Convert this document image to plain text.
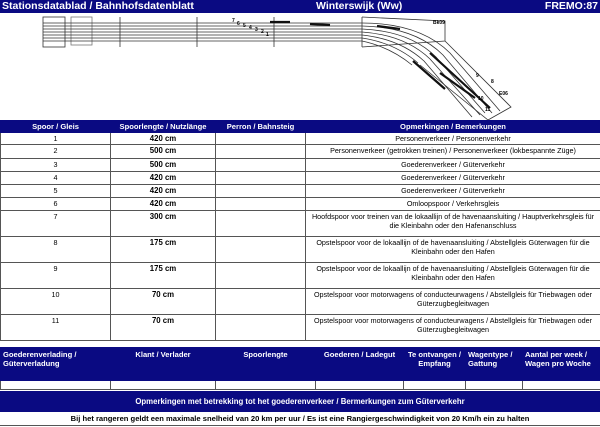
Stationsdatablad / Bahnhofsdatenblatt	Winterswijk (Ww)	FREMO:87
7 6 5 4 3 2 1
Bk09
9
8
Ε06
10
11
Spoor / Gleis	Spoorlengte / Nutzlänge	Perron / Bahnsteig	Opmerkingen / Bemerkungen
1	420 cm		Personenverkeer / Personenverkehr
2	500 cm		Personenverkeer (getrokken treinen) / Personenverkeer (lokbespannte Züge)
3	500 cm		Goederenverkeer / Güterverkehr
4	420 cm		Goederenverkeer / Güterverkehr
5	420 cm		Goederenverkeer / Güterverkehr
6	420 cm		Omloopspoor / Verkehrsgleis
7	300 cm		Hoofdspoor voor treinen van de lokaallijn of de havenaansluiting / Hauptverkehrsgleis für die Kleinbahn oder den Hafenanschluss
8	175 cm		Opstelspoor voor de lokaallijn of de havenaansluiting / Abstellgleis Güterwagen für die Kleinbahn oder den Hafen
9	175 cm		Opstelspoor voor de lokaallijn of de havenaansluiting / Abstellgleis Güterwagen für die Kleinbahn oder den Hafen
10	70 cm		Opstelspoor voor motorwagens of conducteurwagens / Abstellgleis für Triebwagen oder Güterzugbegleitwagen
11	70 cm		Opstelspoor voor motorwagens of conducteurwagens / Abstellgleis für Triebwagen oder Güterzugbegleitwagen
Goederenverlading / Güterverladung	Klant / Verlader	Spoorlengte	Goederen / Ladegut	Te ontvangen / Empfang	Wagentype / Gattung	Aantal per week / Wagen pro Woche

Opmerkingen met betrekking tot het goederenverkeer / Bermerkungen zum Güterverkehr
Bij het rangeren geldt een maximale snelheid van 20 km per uur / Es ist eine Rangiergeschwindigkeit von 20 Km/h ein zu halten
